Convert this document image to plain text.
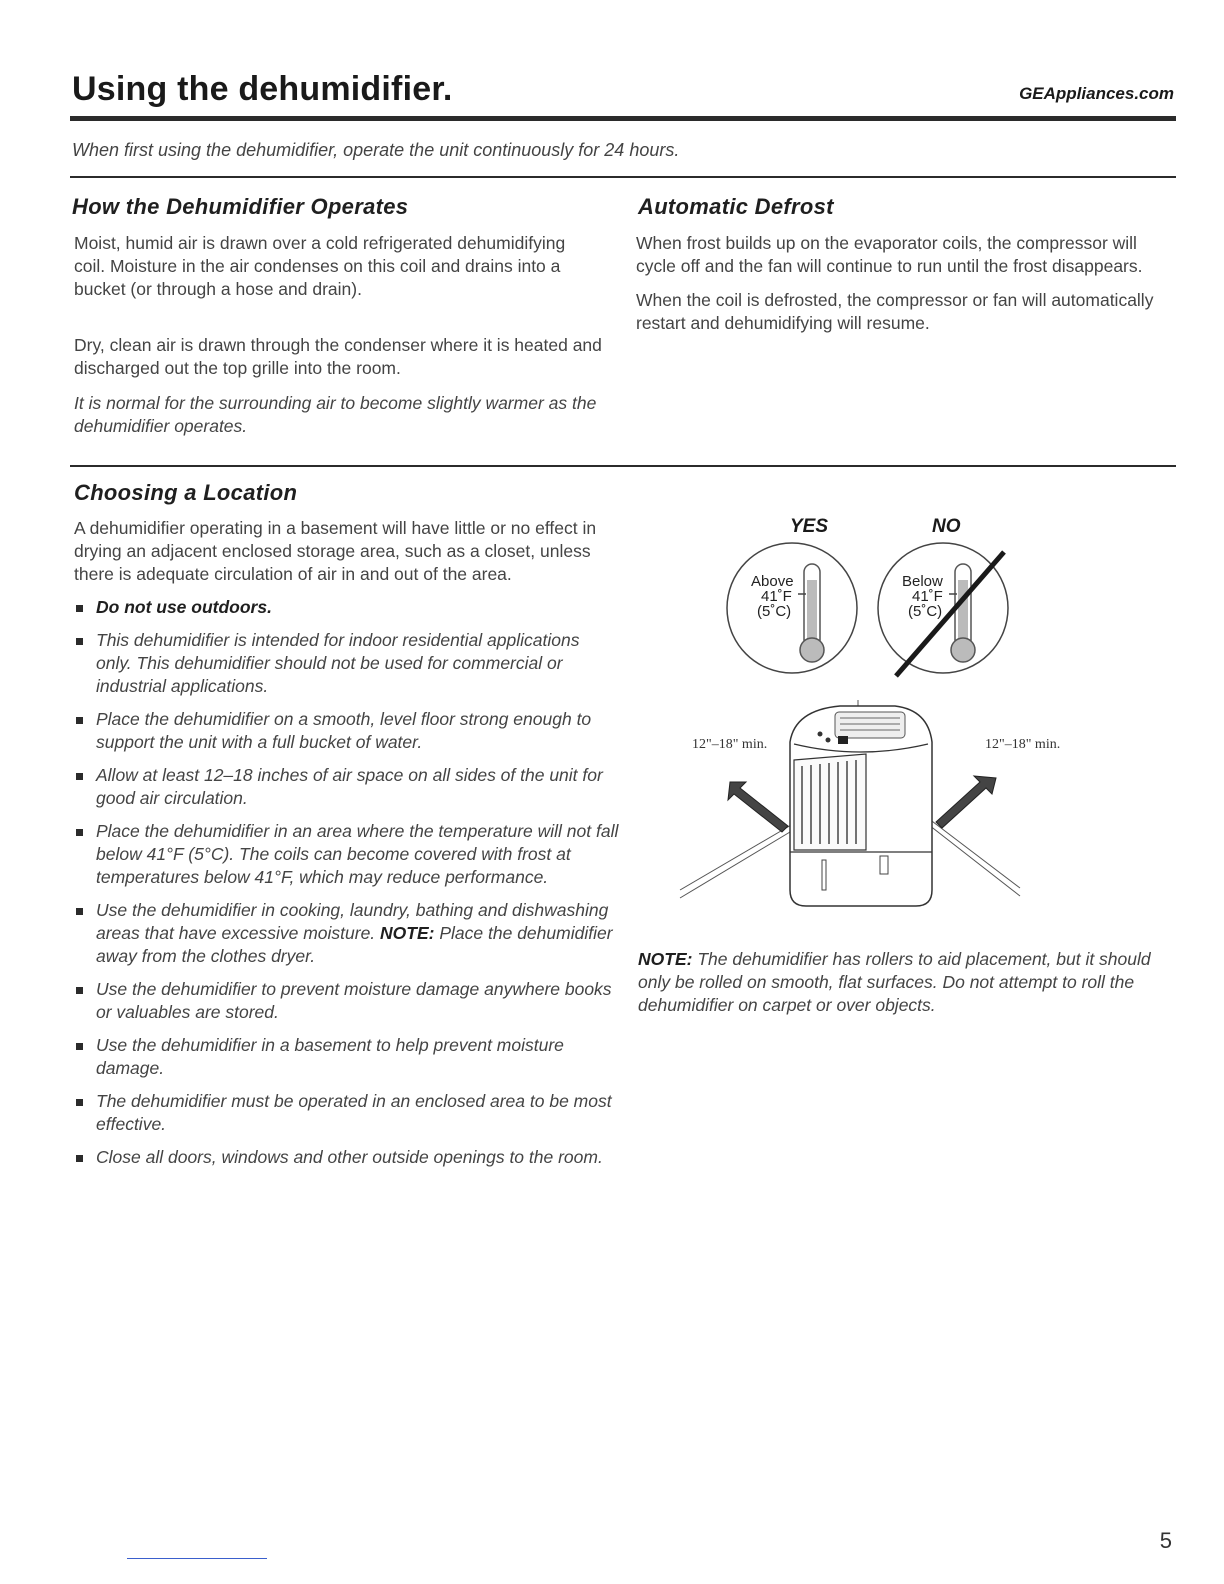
Using the dehumidifier.	GEAppliances.com
When first using the dehumidifier, operate the unit continuously for 24 hours.
How the Dehumidifier Operates

Moist, humid air is drawn over a cold refrigerated dehumidifying coil. Moisture in the air condenses on this coil and drains into a bucket (or through a hose and drain).

Dry, clean air is drawn through the condenser where it is heated and discharged out the top grille into the room.

It is normal for the surrounding air to become slightly warmer as the dehumidifier operates.

Automatic Defrost

When frost builds up on the evaporator coils, the compressor will cycle off and the fan will continue to run until the frost disappears.

When the coil is defrosted, the compressor or fan will automatically restart and dehumidifying will resume.

Choosing a Location

A dehumidifier operating in a basement will have little or no effect in drying an adjacent enclosed storage area, such as a closet, unless there is adequate circulation of air in and out of the area.

Do not use outdoors.
This dehumidifier is intended for indoor residential applications only. This dehumidifier should not be used for commercial or industrial applications.
Place the dehumidifier on a smooth, level floor strong enough to support the unit with a full bucket of water.
Allow at least 12–18 inches of air space on all sides of the unit for good air circulation.
Place the dehumidifier in an area where the temperature will not fall below 41°F (5°C). The coils can become covered with frost at temperatures below 41°F, which may reduce performance.
Use the dehumidifier in cooking, laundry, bathing and dishwashing areas that have excessive moisture. NOTE: Place the dehumidifier away from the clothes dryer.
Use the dehumidifier to prevent moisture damage anywhere books or valuables are stored.
Use the dehumidifier in a basement to help prevent moisture damage.
The dehumidifier must be operated in an enclosed area to be most effective.
Close all doors, windows and other outside openings to the room.
YES	NO
Above
41˚F
(5˚C)
Below
41˚F
(5˚C)
12"–18" min.	12"–18" min.

NOTE: The dehumidifier has rollers to aid placement, but it should only be rolled on smooth, flat surfaces. Do not attempt to roll the dehumidifier on carpet or over objects.

5
